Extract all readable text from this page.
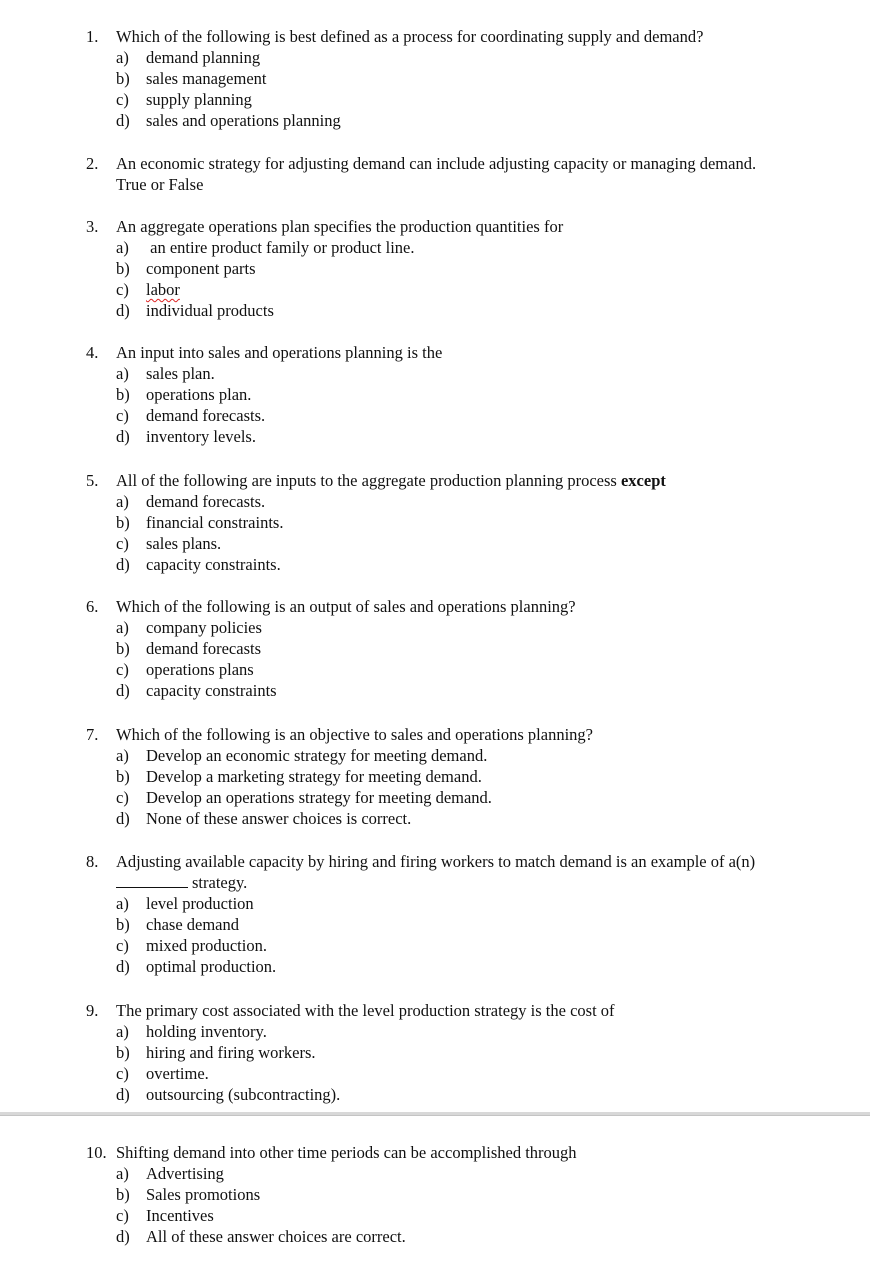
1.	Which of the following is best defined as a process for coordinating supply and demand?
a)	demand planning
b) sales management
c)	supply planning
d) sales and operations planning
2.	An economic strategy for adjusting demand can include adjusting capacity or managing demand.
True or False
3.	An aggregate operations plan specifies the production quantities for
a)	an entire product family or product line.
b) component parts
c)	labor
d) individual products
4.	An input into sales and operations planning is the
a)	sales plan.
b) operations plan.
c)	demand forecasts.
d) inventory levels.
5.	All of the following are inputs to the aggregate production planning process except
a)	demand forecasts.
b) financial constraints.
c)	sales plans.
d) capacity constraints.
6.	Which of the following is an output of sales and operations planning?
a)	company policies
b) demand forecasts
c)	operations plans
d) capacity constraints
7.	Which of the following is an objective to sales and operations planning?
a)	Develop an economic strategy for meeting demand.
b) Develop a marketing strategy for meeting demand.
c)	Develop an operations strategy for meeting demand.
d) None of these answer choices is correct.
8.	Adjusting available capacity by hiring and firing workers to match demand is an example of a(n)
strategy.
a)	level production
b) chase demand
c)	mixed production.
d) optimal production.
9.	The primary cost associated with the level production strategy is the cost of
a)	holding inventory.
b) hiring and firing workers.
c)	overtime.
d) outsourcing (subcontracting).
10. Shifting demand into other time periods can be accomplished through
a)	Advertising
b) Sales promotions
c)	Incentives
d) All of these answer choices are correct.
